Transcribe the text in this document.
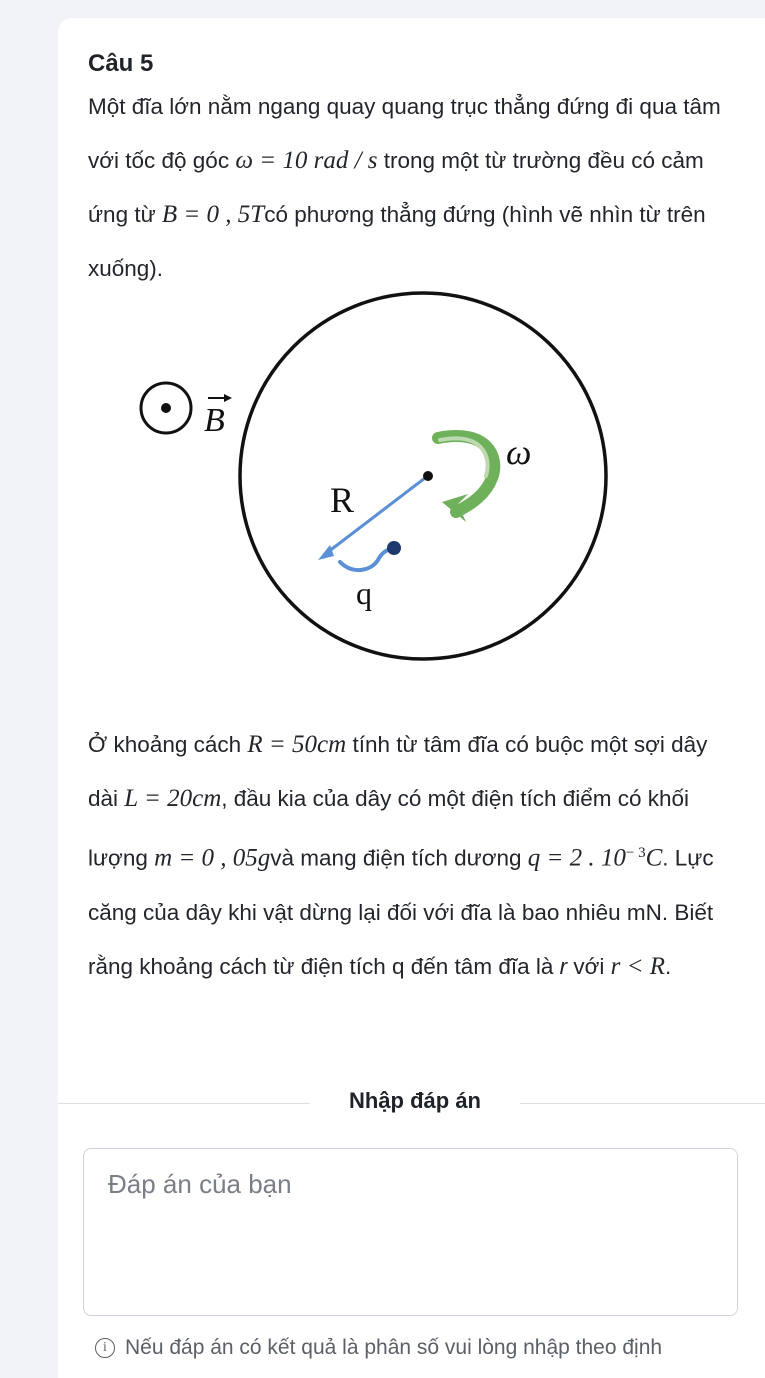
Câu 5
Một đĩa lớn nằm ngang quay quang trục thẳng đứng đi qua tâm với tốc độ góc ω = 10 rad / s trong một từ trường đều có cảm ứng từ B = 0 , 5Tcó phương thẳng đứng (hình vẽ nhìn từ trên xuống).
B
ω
R
q
Ở khoảng cách R = 50cm tính từ tâm đĩa có buộc một sợi dây dài L = 20cm, đầu kia của dây có một điện tích điểm có khối lượng m = 0 , 05gvà mang điện tích dương q = 2 . $10^{- 3}C$. Lực căng của dây khi vật dừng lại đối với đĩa là bao nhiêu mN. Biết rằng khoảng cách từ điện tích q đến tâm đĩa là r với r < R.
Nhập đáp án
Đáp án của bạn
i Nếu đáp án có kết quả là phân số vui lòng nhập theo định
